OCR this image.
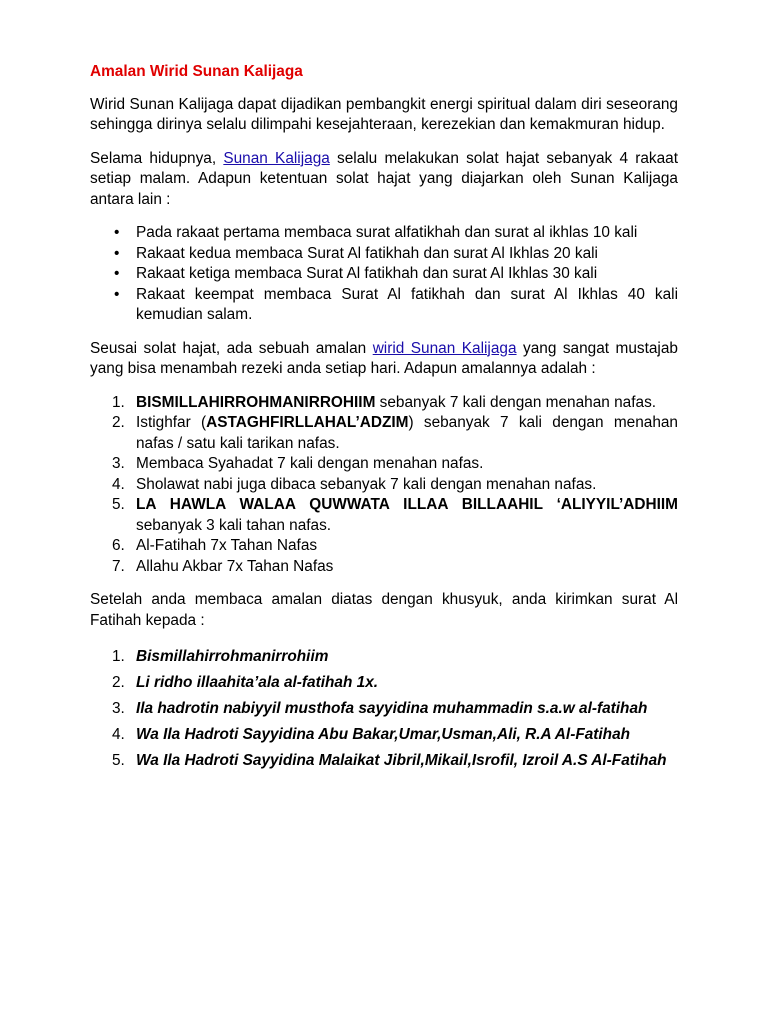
Amalan Wirid Sunan Kalijaga

Wirid Sunan Kalijaga dapat dijadikan pembangkit energi spiritual dalam diri seseorang sehingga dirinya selalu dilimpahi kesejahteraan, kerezekian dan kemakmuran hidup.

Selama hidupnya, Sunan Kalijaga selalu melakukan solat hajat sebanyak 4 rakaat setiap malam. Adapun ketentuan solat hajat yang diajarkan oleh Sunan Kalijaga antara lain :

• Pada rakaat pertama membaca surat alfatikhah dan surat al ikhlas 10 kali
• Rakaat kedua membaca Surat Al fatikhah dan surat Al Ikhlas 20 kali
• Rakaat ketiga membaca Surat Al fatikhah dan surat Al Ikhlas 30 kali
• Rakaat keempat membaca Surat Al fatikhah dan surat Al Ikhlas 40 kali kemudian salam.

Seusai solat hajat, ada sebuah amalan wirid Sunan Kalijaga yang sangat mustajab yang bisa menambah rezeki anda setiap hari. Adapun amalannya adalah :

1. BISMILLAHIRROHMANIRROHIIM sebanyak 7 kali dengan menahan nafas.
2. Istighfar (ASTAGHFIRLLAHAL’ADZIM) sebanyak 7 kali dengan menahan nafas / satu kali tarikan nafas.
3. Membaca Syahadat 7 kali dengan menahan nafas.
4. Sholawat nabi juga dibaca sebanyak 7 kali dengan menahan nafas.
5. LA HAWLA WALAA QUWWATA ILLAA BILLAAHIL ‘ALIYYIL’ADHIIM sebanyak 3 kali tahan nafas.
6. Al-Fatihah 7x Tahan Nafas
7. Allahu Akbar 7x Tahan Nafas

Setelah anda membaca amalan diatas dengan khusyuk, anda kirimkan surat Al Fatihah kepada :

1. Bismillahirrohmanirrohiim
2. Li ridho illaahita’ala al-fatihah 1x.
3. Ila hadrotin nabiyyil musthofa sayyidina muhammadin s.a.w al-fatihah
4. Wa Ila Hadroti Sayyidina Abu Bakar,Umar,Usman,Ali, R.A Al-Fatihah
5. Wa Ila Hadroti Sayyidina Malaikat Jibril,Mikail,Isrofil, Izroil A.S Al-Fatihah
